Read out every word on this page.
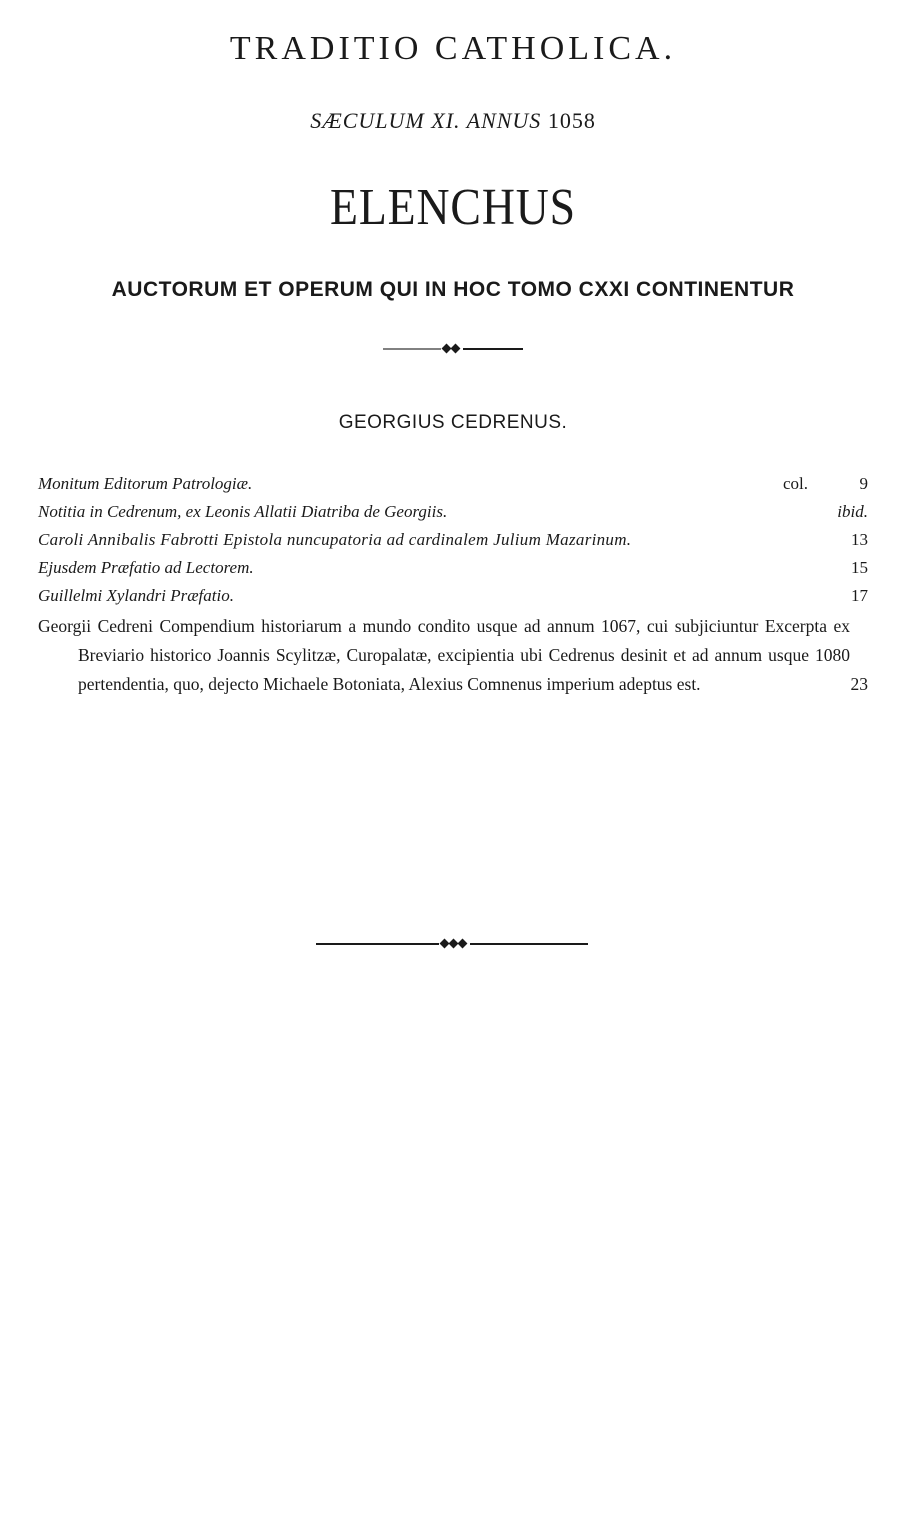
TRADITIO CATHOLICA.
SÆCULUM XI. ANNUS 1058
ELENCHUS
AUCTORUM ET OPERUM QUI IN HOC TOMO CXXI CONTINENTUR
GEORGIUS CEDRENUS.
Monitum Editorum Patrologiæ.	col.	9
Notitia in Cedrenum, ex Leonis Allatii Diatriba de Georgiis.	ibid.
Caroli Annibalis Fabrotti Epistola nuncupatoria ad cardinalem Julium Mazarinum.	13
Ejusdem Præfatio ad Lectorem.	15
Guillelmi Xylandri Præfatio.	17
Georgii Cedreni Compendium historiarum a mundo condito usque ad annum 1067, cui subjiciuntur Excerpta ex Breviario historico Joannis Scylitzæ, Curopalatæ, excipientia ubi Cedrenus desinit et ad annum usque 1080 pertendentia, quo, dejecto Michaele Botoniata, Alexius Comnenus imperium adeptus est.	23
